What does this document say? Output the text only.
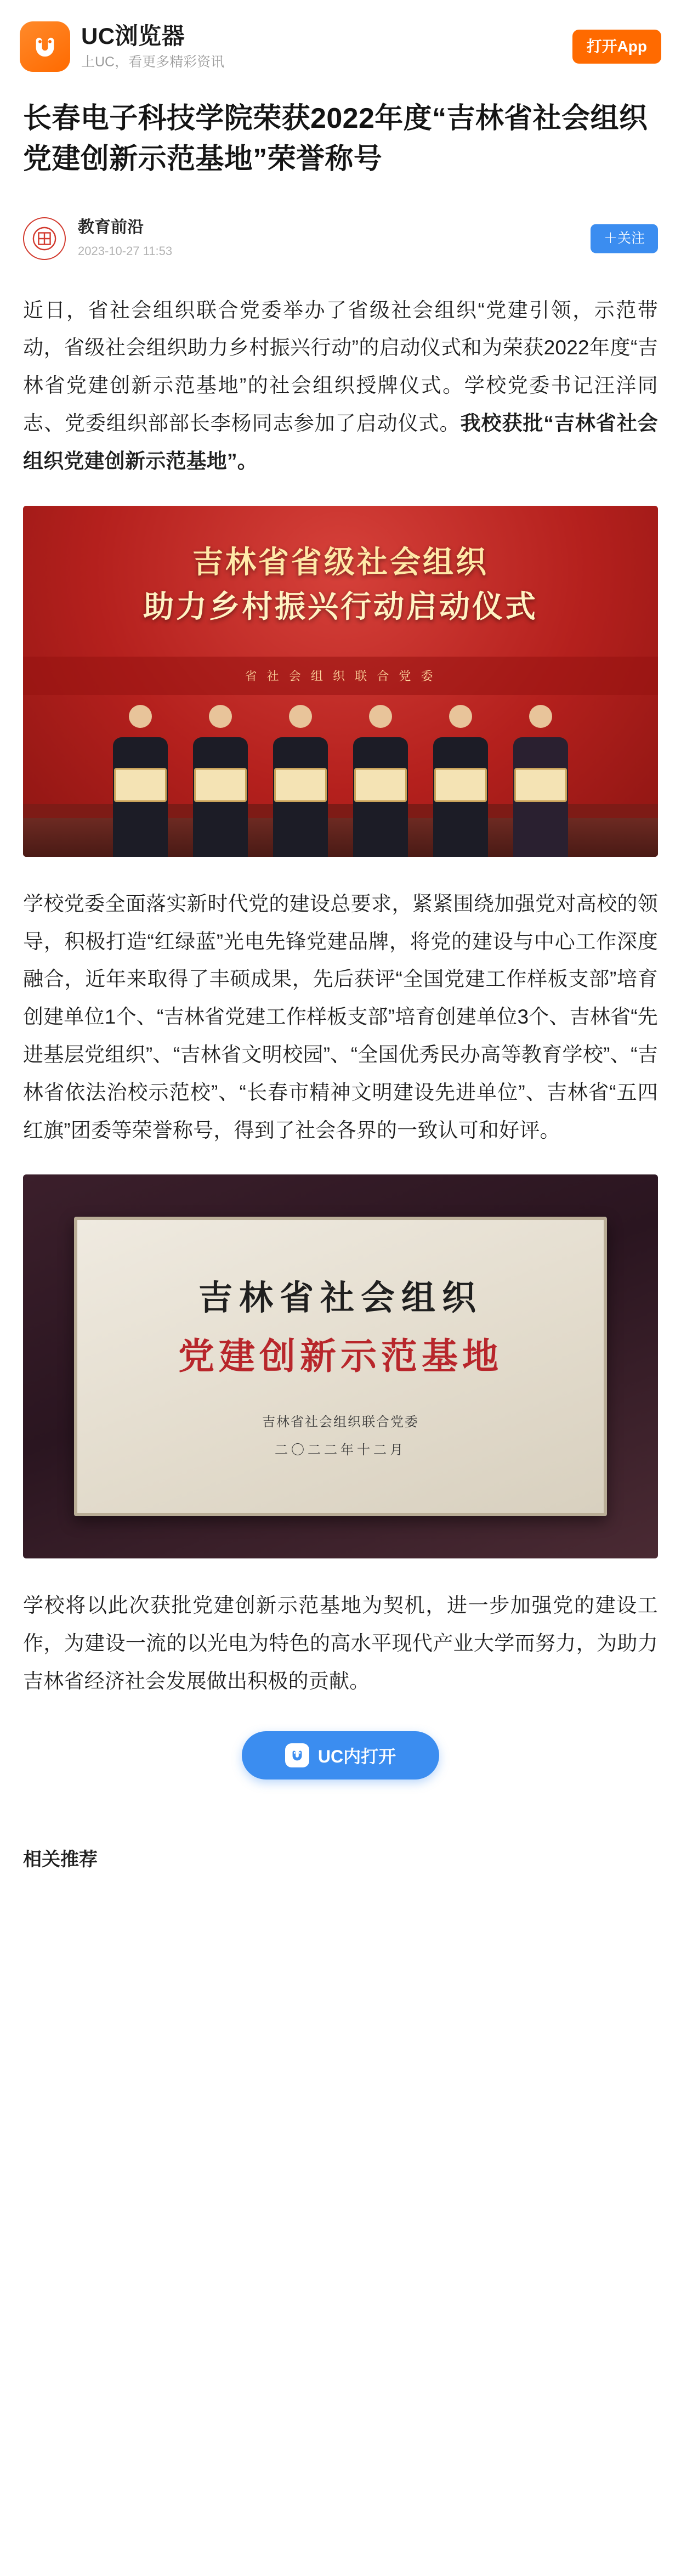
UC浏览器
上UC，看更多精彩资讯
打开App
长春电子科技学院荣获2022年度“吉林省社会组织党建创新示范基地”荣誉称号
教育前沿
2023-10-27 11:53
＋关注

近日，省社会组织联合党委举办了省级社会组织“党建引领，示范带动，省级社会组织助力乡村振兴行动”的启动仪式和为荣获2022年度“吉林省党建创新示范基地”的社会组织授牌仪式。学校党委书记汪洋同志、党委组织部部长李杨同志参加了启动仪式。我校获批“吉林省社会组织党建创新示范基地”。

吉林省省级社会组织
助力乡村振兴行动启动仪式
省 社 会 组 织 联 合 党 委

学校党委全面落实新时代党的建设总要求，紧紧围绕加强党对高校的领导，积极打造“红绿蓝”光电先锋党建品牌，将党的建设与中心工作深度融合，近年来取得了丰硕成果，先后获评“全国党建工作样板支部”培育创建单位1个、“吉林省党建工作样板支部”培育创建单位3个、吉林省“先进基层党组织”、“吉林省文明校园”、“全国优秀民办高等教育学校”、“吉林省依法治校示范校”、“长春市精神文明建设先进单位”、吉林省“五四红旗”团委等荣誉称号，得到了社会各界的一致认可和好评。

吉林省社会组织
党建创新示范基地
吉林省社会组织联合党委
二〇二二年十二月

学校将以此次获批党建创新示范基地为契机，进一步加强党的建设工作，为建设一流的以光电为特色的高水平现代产业大学而努力，为助力吉林省经济社会发展做出积极的贡献。

UC内打开
相关推荐
